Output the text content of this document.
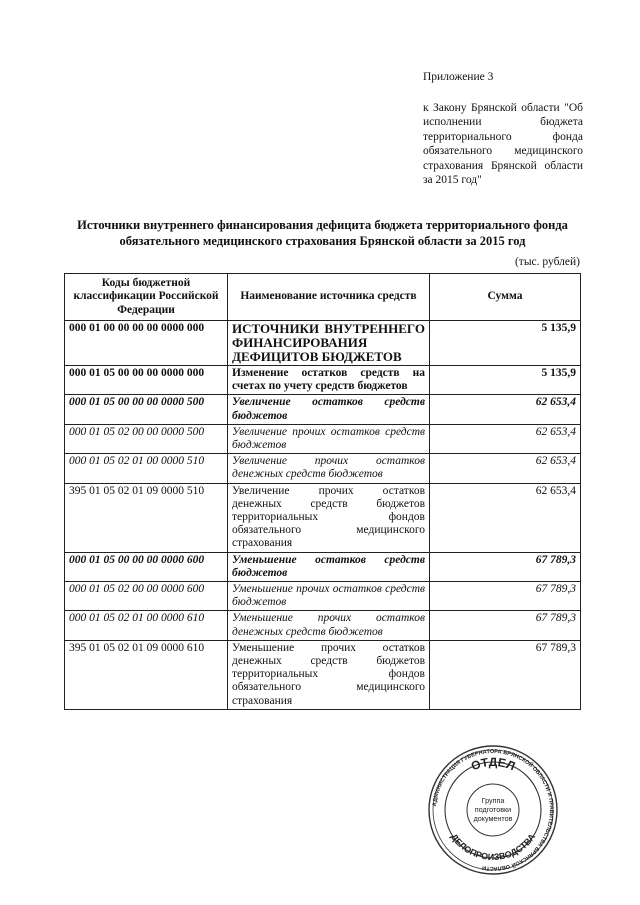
Приложение 3
к Закону Брянской области "Об исполнении бюджета территориального фонда обязательного медицинского страхования Брянской области за 2015 год"
Источники внутреннего финансирования дефицита бюджета территориального фонда обязательного медицинского страхования Брянской области за 2015 год
(тыс. рублей)
Коды бюджетной классификации Российской Федерации	Наименование источника средств	Сумма
000 01 00 00 00 00 0000 000	ИСТОЧНИКИ ВНУТРЕННЕГО ФИНАНСИРОВАНИЯ ДЕФИЦИТОВ БЮДЖЕТОВ	5 135,9
000 01 05 00 00 00 0000 000	Изменение остатков средств на счетах по учету средств бюджетов	5 135,9
000 01 05 00 00 00 0000 500	Увеличение остатков средств бюджетов	62 653,4
000 01 05 02 00 00 0000 500	Увеличение прочих остатков средств бюджетов	62 653,4
000 01 05 02 01 00 0000 510	Увеличение прочих остатков денежных средств бюджетов	62 653,4
395 01 05 02 01 09 0000 510	Увеличение прочих остатков денежных средств бюджетов территориальных фондов обязательного медицинского страхования	62 653,4
000 01 05 00 00 00 0000 600	Уменьшение остатков средств бюджетов	67 789,3
000 01 05 02 00 00 0000 600	Уменьшение прочих остатков средств бюджетов	67 789,3
000 01 05 02 01 00 0000 610	Уменьшение прочих остатков денежных средств бюджетов	67 789,3
395 01 05 02 01 09 0000 610	Уменьшение прочих остатков денежных средств бюджетов территориальных фондов обязательного медицинского страхования	67 789,3
АДМИНИСТРАЦИЯ ГУБЕРНАТОРА БРЯНСКОЙ ОБЛАСТИ И ПРАВИТЕЛЬСТВА БРЯНСКОЙ ОБЛАСТИ
ОТДЕЛ
ДЕЛОПРОИЗВОДСТВА
Группа
подготовки
документов
